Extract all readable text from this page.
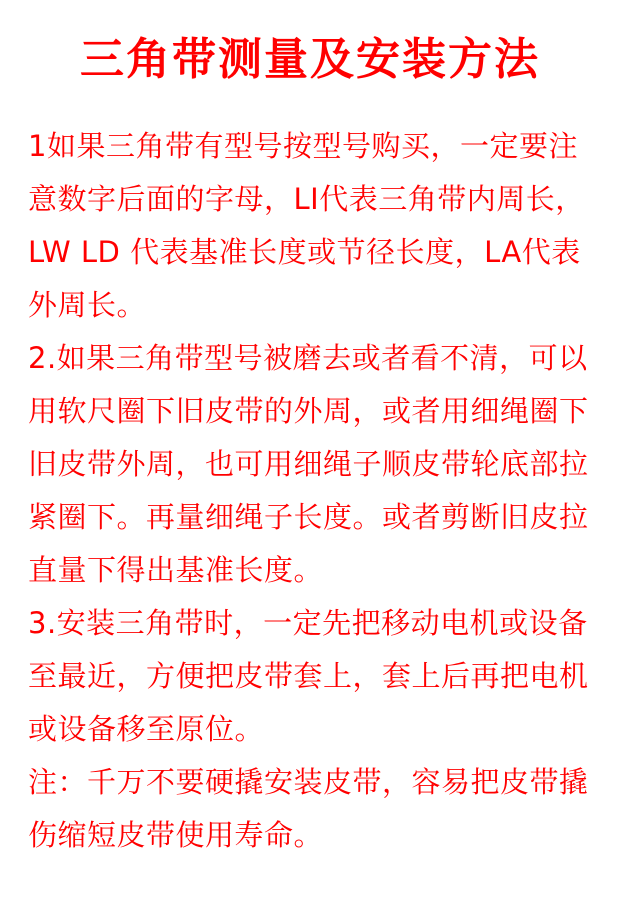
三角带测量及安装方法
1如果三角带有型号按型号购买，一定要注
意数字后面的字母，LI代表三角带内周长，
LW LD 代表基准长度或节径长度，LA代表
外周长。
2.如果三角带型号被磨去或者看不清，可以
用软尺圈下旧皮带的外周，或者用细绳圈下
旧皮带外周，也可用细绳子顺皮带轮底部拉
紧圈下。再量细绳子长度。或者剪断旧皮拉
直量下得出基准长度。
3.安装三角带时，一定先把移动电机或设备
至最近，方便把皮带套上，套上后再把电机
或设备移至原位。
注：千万不要硬撬安装皮带，容易把皮带撬
伤缩短皮带使用寿命。
